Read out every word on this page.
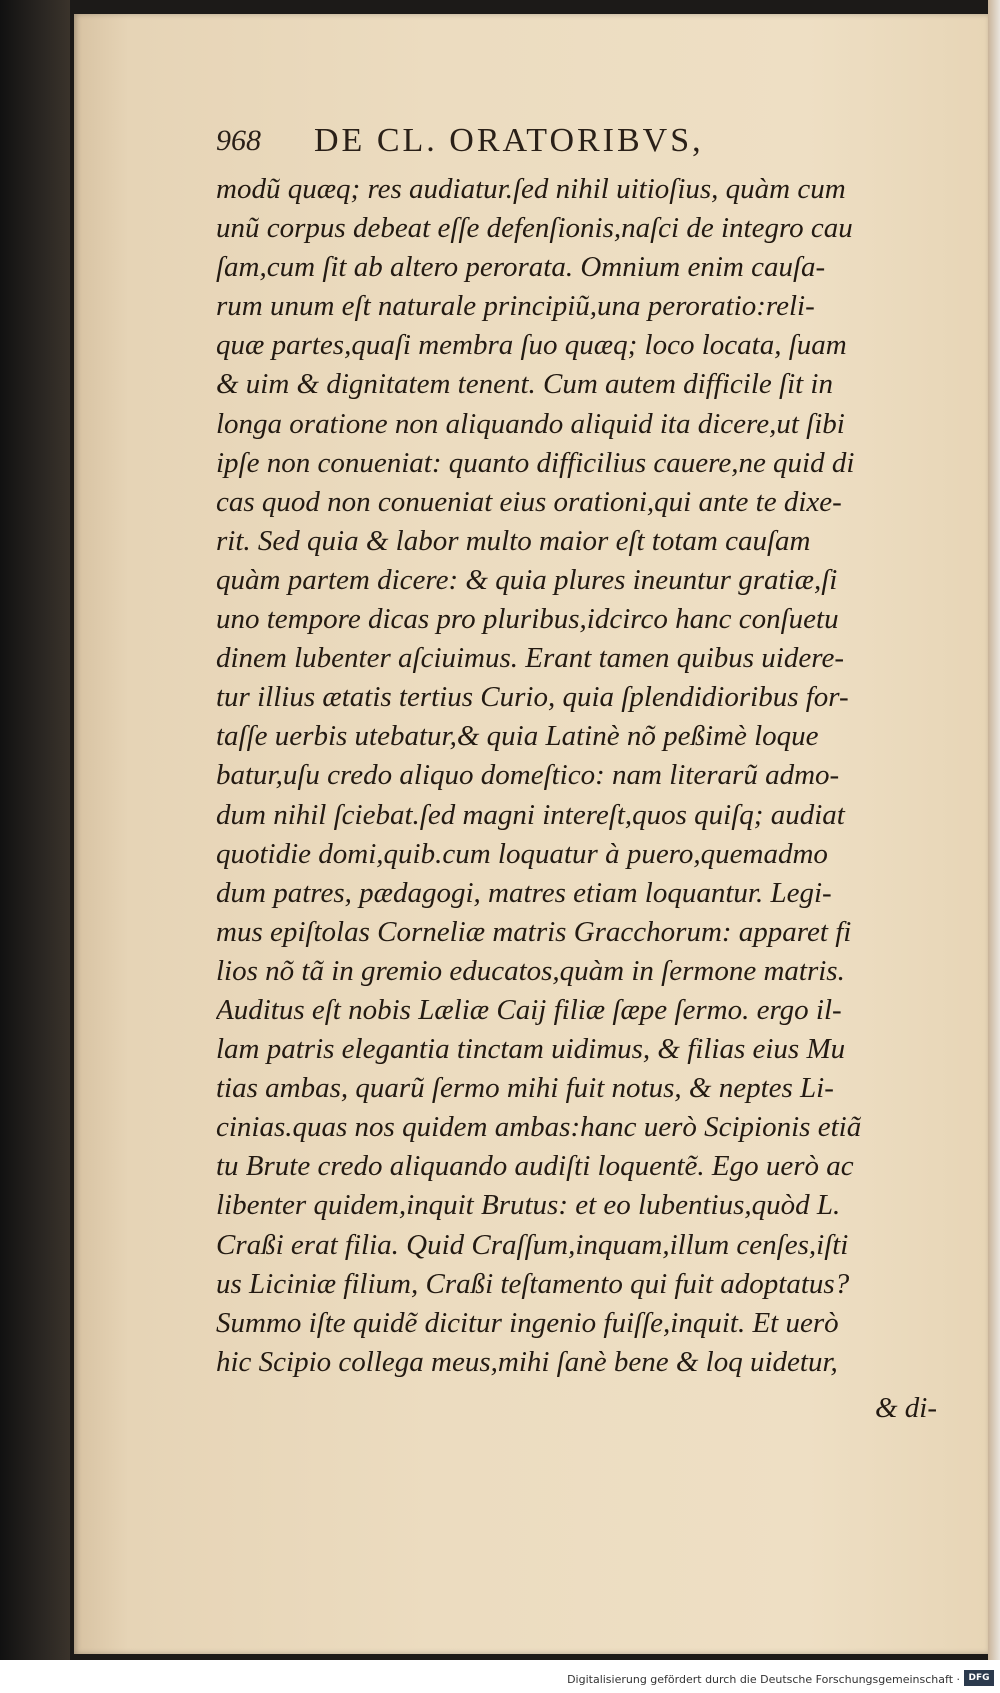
968 DE CL. ORATORIBVS,
modũ quæq; res audiatur.ſed nihil uitioſius, quàm cum
unũ corpus debeat eſſe defenſionis,naſci de integro cau
ſam,cum ſit ab altero perorata. Omnium enim cauſa-
rum unum eſt naturale principiũ,una peroratio:reli-
quæ partes,quaſi membra ſuo quæq; loco locata, ſuam
& uim & dignitatem tenent. Cum autem difficile ſit in
longa oratione non aliquando aliquid ita dicere,ut ſibi
ipſe non conueniat: quanto difficilius cauere,ne quid di
cas quod non conueniat eius orationi,qui ante te dixe-
rit. Sed quia & labor multo maior eſt totam cauſam
quàm partem dicere: & quia plures ineuntur gratiæ,ſi
uno tempore dicas pro pluribus,idcirco hanc conſuetu
dinem lubenter aſciuimus. Erant tamen quibus uidere-
tur illius ætatis tertius Curio, quia ſplendidioribus for-
taſſe uerbis utebatur,& quia Latinè nõ peßimè loque
batur,uſu credo aliquo domeſtico: nam literarũ admo-
dum nihil ſciebat.ſed magni intereſt,quos quiſq; audiat
quotidie domi,quib.cum loquatur à puero,quemadmo
dum patres, pædagogi, matres etiam loquantur. Legi-
mus epiſtolas Corneliæ matris Gracchorum: apparet fi
lios nõ tã in gremio educatos,quàm in ſermone matris.
Auditus eſt nobis Læliæ Caij filiæ ſæpe ſermo. ergo il-
lam patris elegantia tinctam uidimus, & filias eius Mu
tias ambas, quarũ ſermo mihi fuit notus, & neptes Li-
cinias.quas nos quidem ambas:hanc uerò Scipionis etiã
tu Brute credo aliquando audiſti loquentẽ. Ego uerò ac
libenter quidem,inquit Brutus: et eo lubentius,quòd L.
Craßi erat filia. Quid Craſſum,inquam,illum cenſes,iſti
us Liciniæ filium, Craßi teſtamento qui fuit adoptatus?
Summo iſte quidẽ dicitur ingenio fuiſſe,inquit. Et uerò
hic Scipio collega meus,mihi ſanè bene & loq uidetur,
& di-
Digitalisierung gefördert durch die Deutsche Forschungsgemeinschaft · DFG
